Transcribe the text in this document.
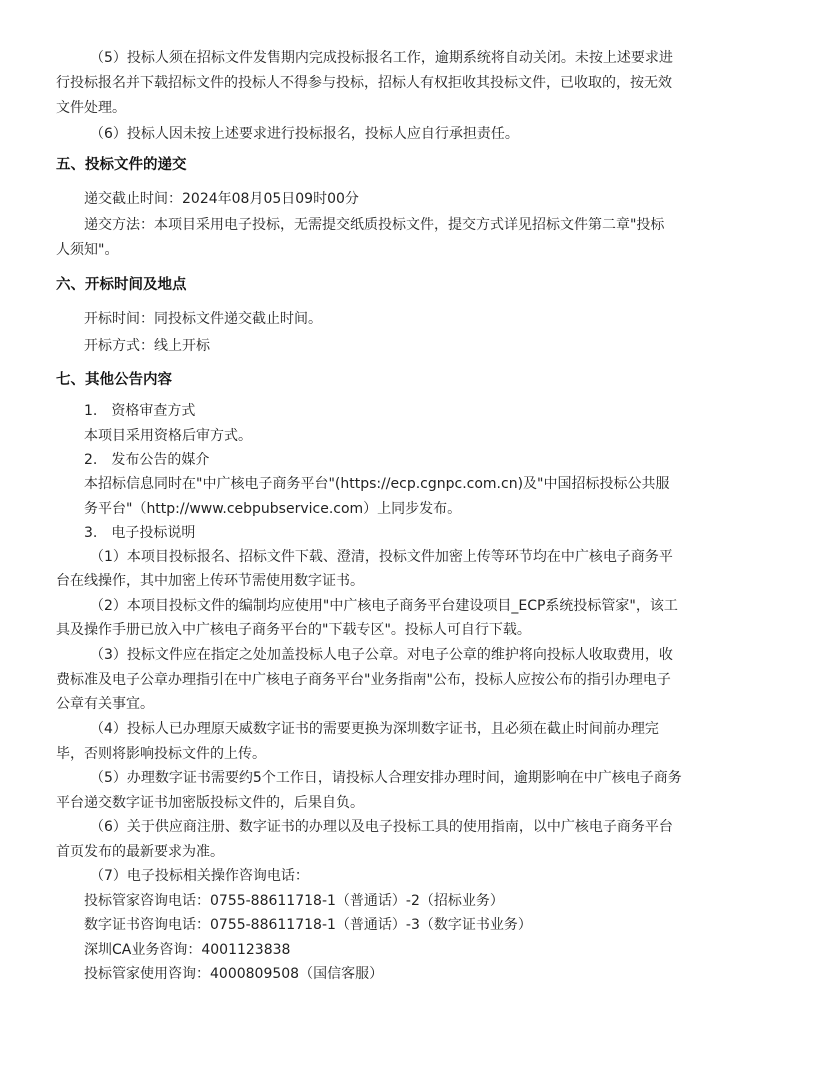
（5）投标人须在招标文件发售期内完成投标报名工作，逾期系统将自动关闭。未按上述要求进
行投标报名并下载招标文件的投标人不得参与投标，招标人有权拒收其投标文件，已收取的，按无效
文件处理。
（6）投标人因未按上述要求进行投标报名，投标人应自行承担责任。
五、投标文件的递交
递交截止时间：2024年08月05日09时00分
递交方法：本项目采用电子投标，无需提交纸质投标文件，提交方式详见招标文件第二章"投标
人须知"。
六、开标时间及地点
开标时间：同投标文件递交截止时间。
开标方式：线上开标
七、其他公告内容
1.　资格审查方式
本项目采用资格后审方式。
2.　发布公告的媒介
本招标信息同时在"中广核电子商务平台"(https://ecp.cgnpc.com.cn)及"中国招标投标公共服
务平台"（http://www.cebpubservice.com）上同步发布。
3.　电子投标说明
（1）本项目投标报名、招标文件下载、澄清，投标文件加密上传等环节均在中广核电子商务平
台在线操作，其中加密上传环节需使用数字证书。
（2）本项目投标文件的编制均应使用"中广核电子商务平台建设项目_ECP系统投标管家"，该工
具及操作手册已放入中广核电子商务平台的"下载专区"。投标人可自行下载。
（3）投标文件应在指定之处加盖投标人电子公章。对电子公章的维护将向投标人收取费用，收
费标准及电子公章办理指引在中广核电子商务平台"业务指南"公布，投标人应按公布的指引办理电子
公章有关事宜。
（4）投标人已办理原天威数字证书的需要更换为深圳数字证书，且必须在截止时间前办理完
毕，否则将影响投标文件的上传。
（5）办理数字证书需要约5个工作日，请投标人合理安排办理时间，逾期影响在中广核电子商务
平台递交数字证书加密版投标文件的，后果自负。
（6）关于供应商注册、数字证书的办理以及电子投标工具的使用指南，以中广核电子商务平台
首页发布的最新要求为准。
（7）电子投标相关操作咨询电话：
投标管家咨询电话：0755-88611718-1（普通话）-2（招标业务）
数字证书咨询电话：0755-88611718-1（普通话）-3（数字证书业务）
深圳CA业务咨询：4001123838
投标管家使用咨询：4000809508（国信客服）
